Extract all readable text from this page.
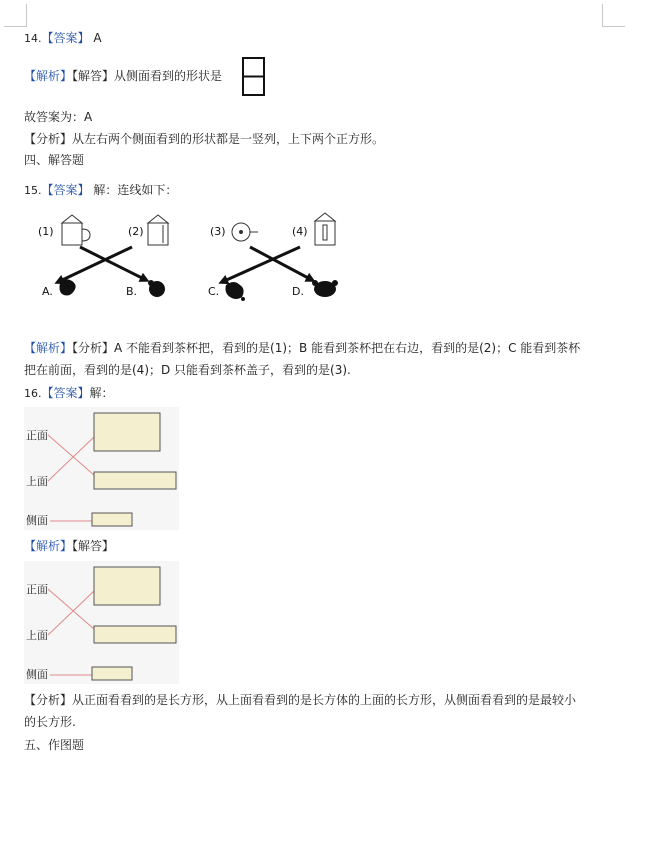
14.【答案】 A
【解析】【解答】从侧面看到的形状是
故答案为：A
【分析】从左右两个侧面看到的形状都是一竖列，上下两个正方形。
四、解答题
15.【答案】 解：连线如下：
(1)	(2)	(3)	(4)
A.	B.	C.	D.
【解析】【分析】A 不能看到茶杯把，看到的是(1)；B 能看到茶杯把在右边，看到的是(2)；C 能看到茶杯
把在前面，看到的是(4)；D 只能看到茶杯盖子，看到的是(3).
16.【答案】解：
正面
上面
侧面
【解析】【解答】
正面
上面
侧面
【分析】从正面看看到的是长方形，从上面看看到的是长方体的上面的长方形，从侧面看看到的是最较小
的长方形.
五、作图题
